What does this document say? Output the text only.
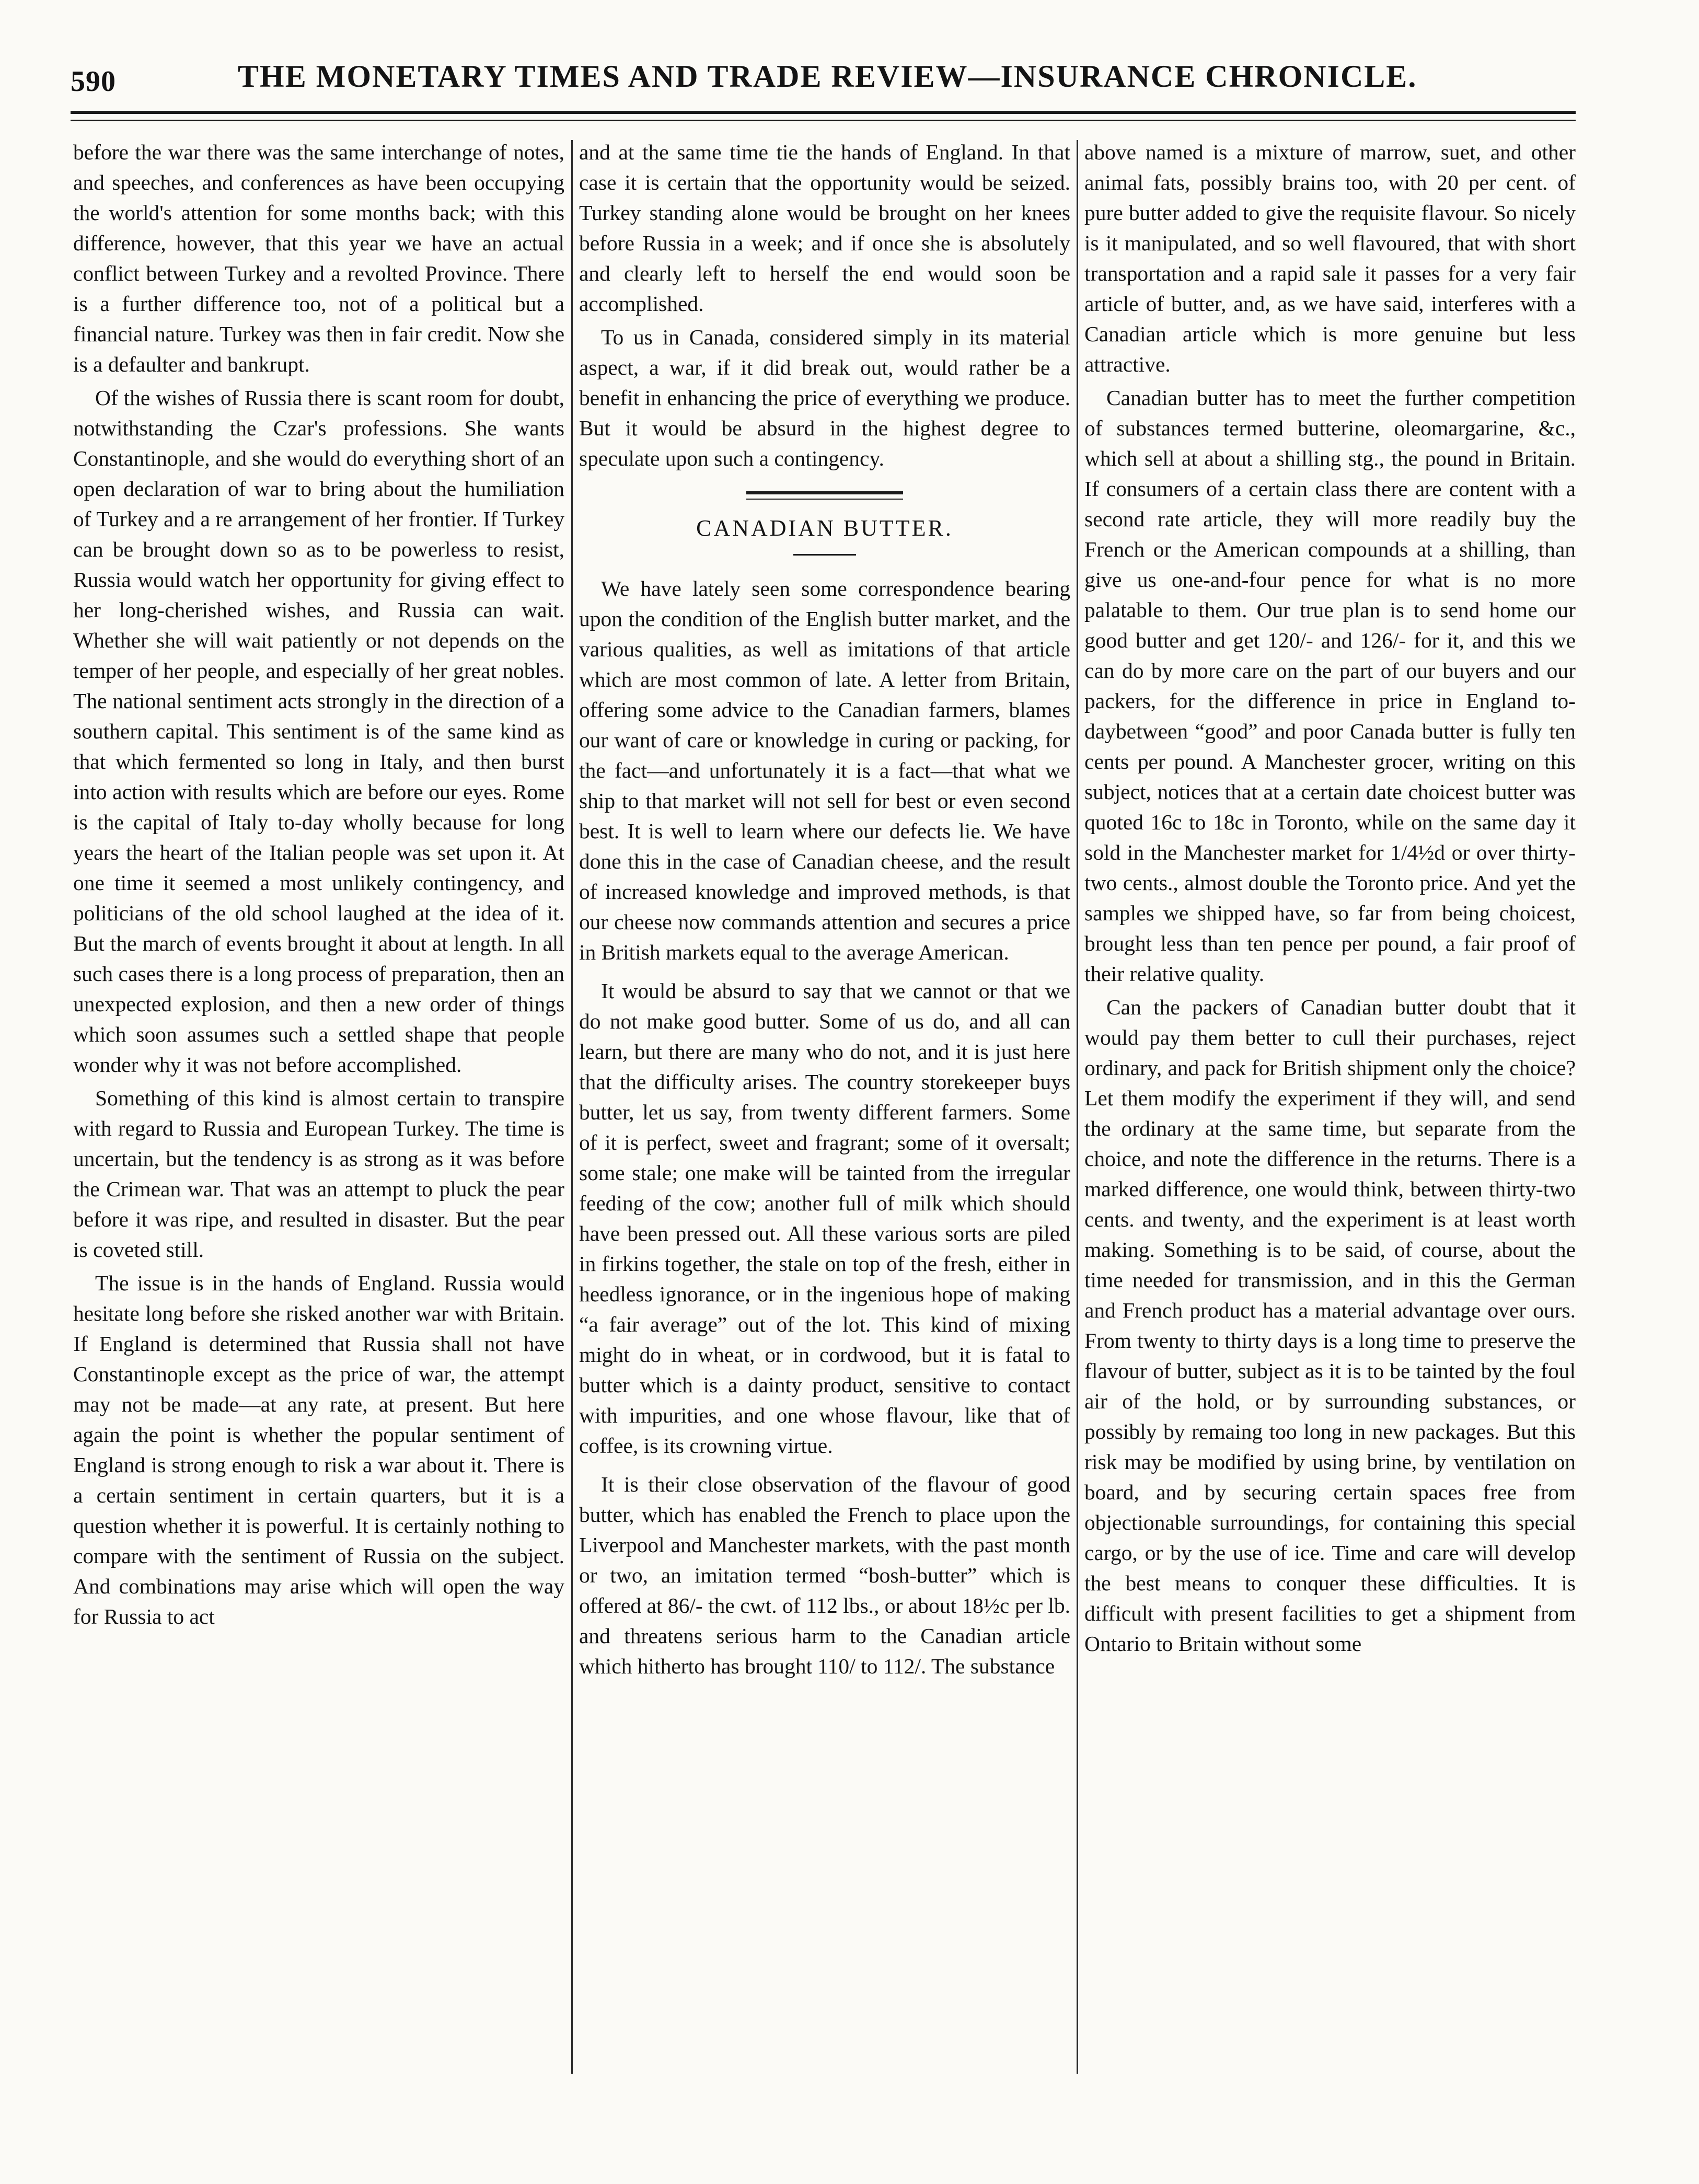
590	THE MONETARY TIMES AND TRADE REVIEW—INSURANCE CHRONICLE.

before the war there was the same interchange of notes, and speeches, and conferences as have been occupying the world's attention for some months back; with this difference, however, that this year we have an actual conflict between Turkey and a revolted Province. There is a further difference too, not of a political but a financial nature. Turkey was then in fair credit. Now she is a defaulter and bankrupt.

Of the wishes of Russia there is scant room for doubt, notwithstanding the Czar's professions. She wants Constantinople, and she would do everything short of an open declaration of war to bring about the humiliation of Turkey and a re arrangement of her frontier. If Turkey can be brought down so as to be powerless to resist, Russia would watch her opportunity for giving effect to her long-cherished wishes, and Russia can wait. Whether she will wait patiently or not depends on the temper of her people, and especially of her great nobles. The national sentiment acts strongly in the direction of a southern capital. This sentiment is of the same kind as that which fermented so long in Italy, and then burst into action with results which are before our eyes. Rome is the capital of Italy to-day wholly because for long years the heart of the Italian people was set upon it. At one time it seemed a most unlikely contingency, and politicians of the old school laughed at the idea of it. But the march of events brought it about at length. In all such cases there is a long process of preparation, then an unexpected explosion, and then a new order of things which soon assumes such a settled shape that people wonder why it was not before accomplished.

Something of this kind is almost certain to transpire with regard to Russia and European Turkey. The time is uncertain, but the tendency is as strong as it was before the Crimean war. That was an attempt to pluck the pear before it was ripe, and resulted in disaster. But the pear is coveted still.

The issue is in the hands of England. Russia would hesitate long before she risked another war with Britain. If England is determined that Russia shall not have Constantinople except as the price of war, the attempt may not be made—at any rate, at present. But here again the point is whether the popular sentiment of England is strong enough to risk a war about it. There is a certain sentiment in certain quarters, but it is a question whether it is powerful. It is certainly nothing to compare with the sentiment of Russia on the subject. And combinations may arise which will open the way for Russia to act

and at the same time tie the hands of England. In that case it is certain that the opportunity would be seized. Turkey standing alone would be brought on her knees before Russia in a week; and if once she is absolutely and clearly left to herself the end would soon be accomplished.

To us in Canada, considered simply in its material aspect, a war, if it did break out, would rather be a benefit in enhancing the price of everything we produce. But it would be absurd in the highest degree to speculate upon such a contingency.

CANADIAN BUTTER.

We have lately seen some correspondence bearing upon the condition of the English butter market, and the various qualities, as well as imitations of that article which are most common of late. A letter from Britain, offering some advice to the Canadian farmers, blames our want of care or knowledge in curing or packing, for the fact—and unfortunately it is a fact—that what we ship to that market will not sell for best or even second best. It is well to learn where our defects lie. We have done this in the case of Canadian cheese, and the result of increased knowledge and improved methods, is that our cheese now commands attention and secures a price in British markets equal to the average American.

It would be absurd to say that we cannot or that we do not make good butter. Some of us do, and all can learn, but there are many who do not, and it is just here that the difficulty arises. The country storekeeper buys butter, let us say, from twenty different farmers. Some of it is perfect, sweet and fragrant; some of it oversalt; some stale; one make will be tainted from the irregular feeding of the cow; another full of milk which should have been pressed out. All these various sorts are piled in firkins together, the stale on top of the fresh, either in heedless ignorance, or in the ingenious hope of making “a fair average” out of the lot. This kind of mixing might do in wheat, or in cordwood, but it is fatal to butter which is a dainty product, sensitive to contact with impurities, and one whose flavour, like that of coffee, is its crowning virtue.

It is their close observation of the flavour of good butter, which has enabled the French to place upon the Liverpool and Manchester markets, with the past month or two, an imitation termed “bosh-butter” which is offered at 86/- the cwt. of 112 lbs., or about 18½c per lb. and threatens serious harm to the Canadian article which hitherto has brought 110/ to 112/. The substance

above named is a mixture of marrow, suet, and other animal fats, possibly brains too, with 20 per cent. of pure butter added to give the requisite flavour. So nicely is it manipulated, and so well flavoured, that with short transportation and a rapid sale it passes for a very fair article of butter, and, as we have said, interferes with a Canadian article which is more genuine but less attractive.

Canadian butter has to meet the further competition of substances termed butterine, oleomargarine, &c., which sell at about a shilling stg., the pound in Britain. If consumers of a certain class there are content with a second rate article, they will more readily buy the French or the American compounds at a shilling, than give us one-and-four pence for what is no more palatable to them. Our true plan is to send home our good butter and get 120/- and 126/- for it, and this we can do by more care on the part of our buyers and our packers, for the difference in price in England to-daybetween “good” and poor Canada butter is fully ten cents per pound. A Manchester grocer, writing on this subject, notices that at a certain date choicest butter was quoted 16c to 18c in Toronto, while on the same day it sold in the Manchester market for 1/4½d or over thirty-two cents., almost double the Toronto price. And yet the samples we shipped have, so far from being choicest, brought less than ten pence per pound, a fair proof of their relative quality.

Can the packers of Canadian butter doubt that it would pay them better to cull their purchases, reject ordinary, and pack for British shipment only the choice? Let them modify the experiment if they will, and send the ordinary at the same time, but separate from the choice, and note the difference in the returns. There is a marked difference, one would think, between thirty-two cents. and twenty, and the experiment is at least worth making. Something is to be said, of course, about the time needed for transmission, and in this the German and French product has a material advantage over ours. From twenty to thirty days is a long time to preserve the flavour of butter, subject as it is to be tainted by the foul air of the hold, or by surrounding substances, or possibly by remaing too long in new packages. But this risk may be modified by using brine, by ventilation on board, and by securing certain spaces free from objectionable surroundings, for containing this special cargo, or by the use of ice. Time and care will develop the best means to conquer these difficulties. It is difficult with present facilities to get a shipment from Ontario to Britain without some
